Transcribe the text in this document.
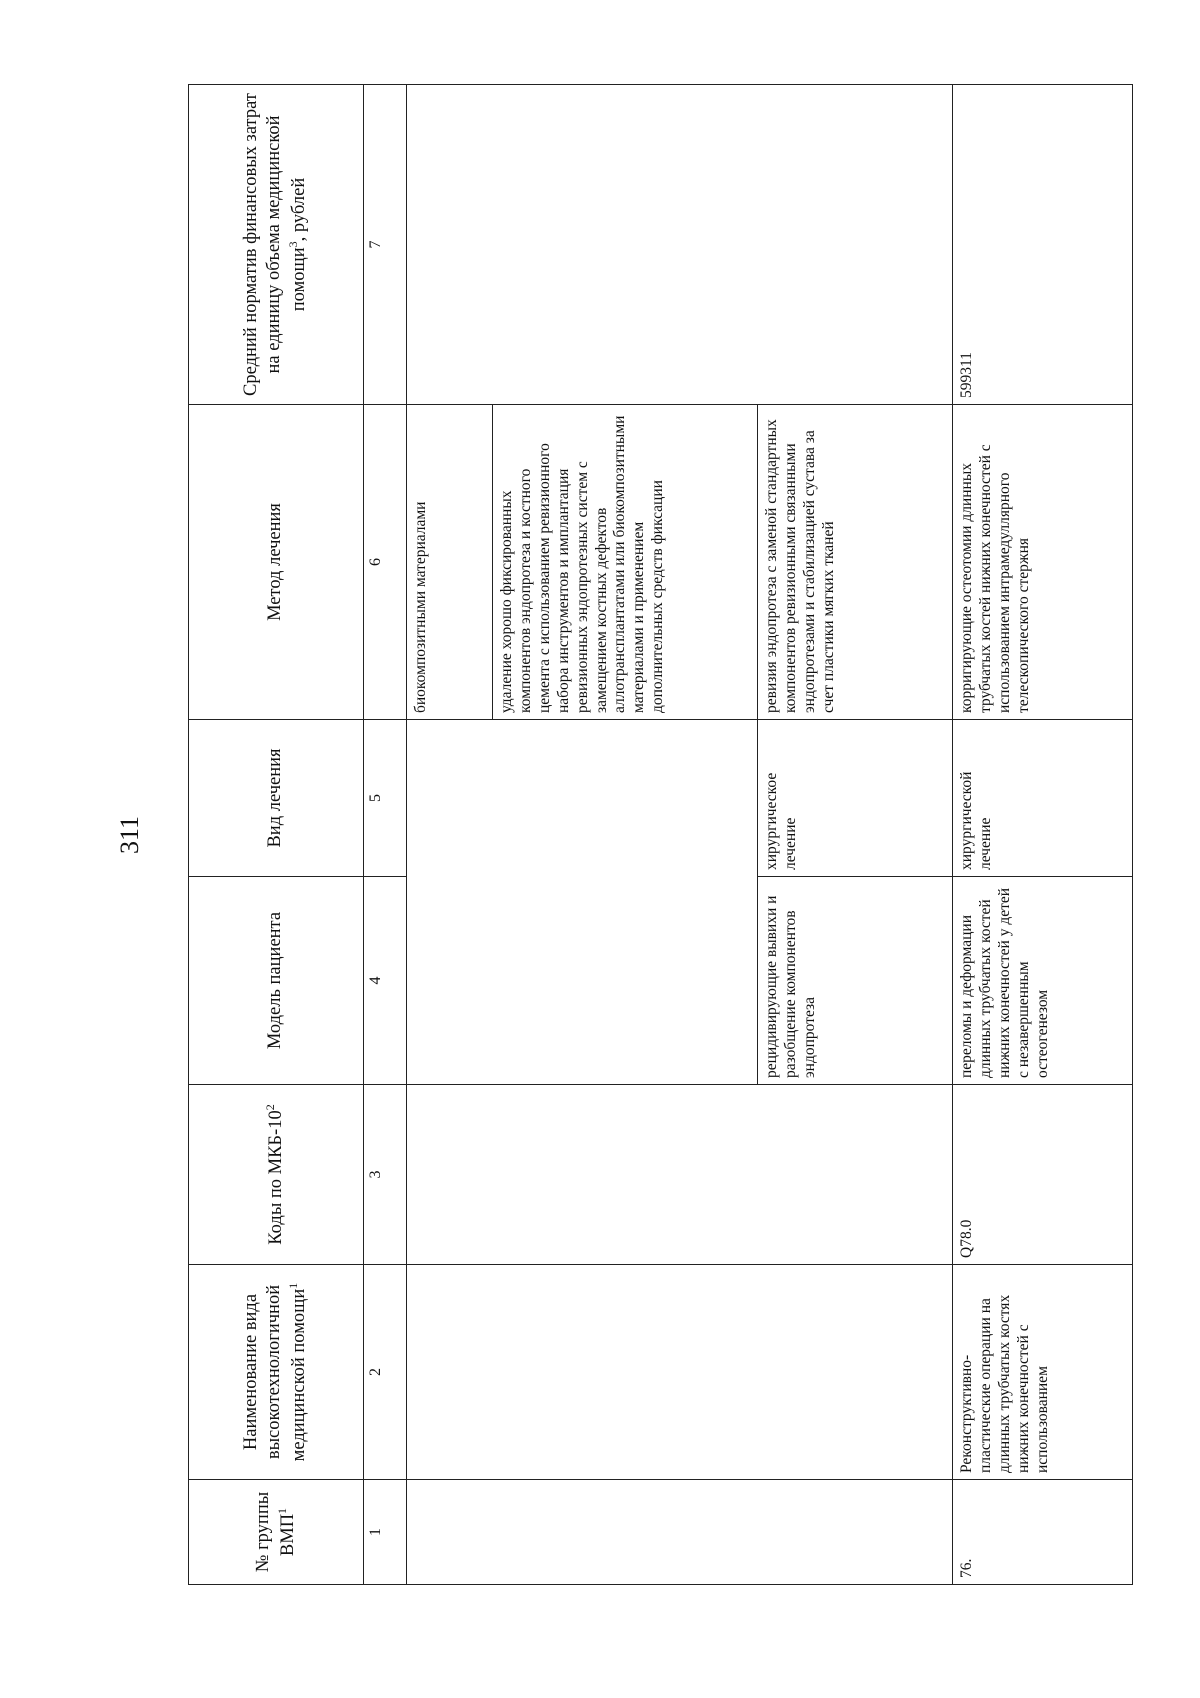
311
№ группы ВМП$^1$	Наименование вида высокотехнологичной медицинской помощи$^1$	Коды по МКБ-$10^2$	Модель пациента	Вид лечения	Метод лечения	Средний норматив финансовых затрат на единицу объема медицинской помощи$^3$, рублей
1	2	3	4	5	6	7
					биокомпозитными материалами	
					удаление хорошо фиксированных компонентов эндопротеза и костного цемента с использованием ревизионного набора инструментов и имплантация ревизионных эндопротезных систем с замещением костных дефектов аллотрансплантатами или биокомпозитными материалами и применением дополнительных средств фиксации	
			рецидивирующие вывихи и разобщение компонентов эндопротеза	хирургическое лечение	ревизия эндопротеза с заменой стандартных компонентов ревизионными связанными эндопротезами и стабилизацией сустава за счет пластики мягких тканей	
76.	Реконструктивно-пластические операции на длинных трубчатых костях нижних конечностей с использованием	Q78.0	переломы и деформации длинных трубчатых костей нижних конечностей у детей с незавершенным остеогенезом	хирургической лечение	корригирующие остеотомии длинных трубчатых костей нижних конечностей с использованием интрамедуллярного телескопического стержня	599311
